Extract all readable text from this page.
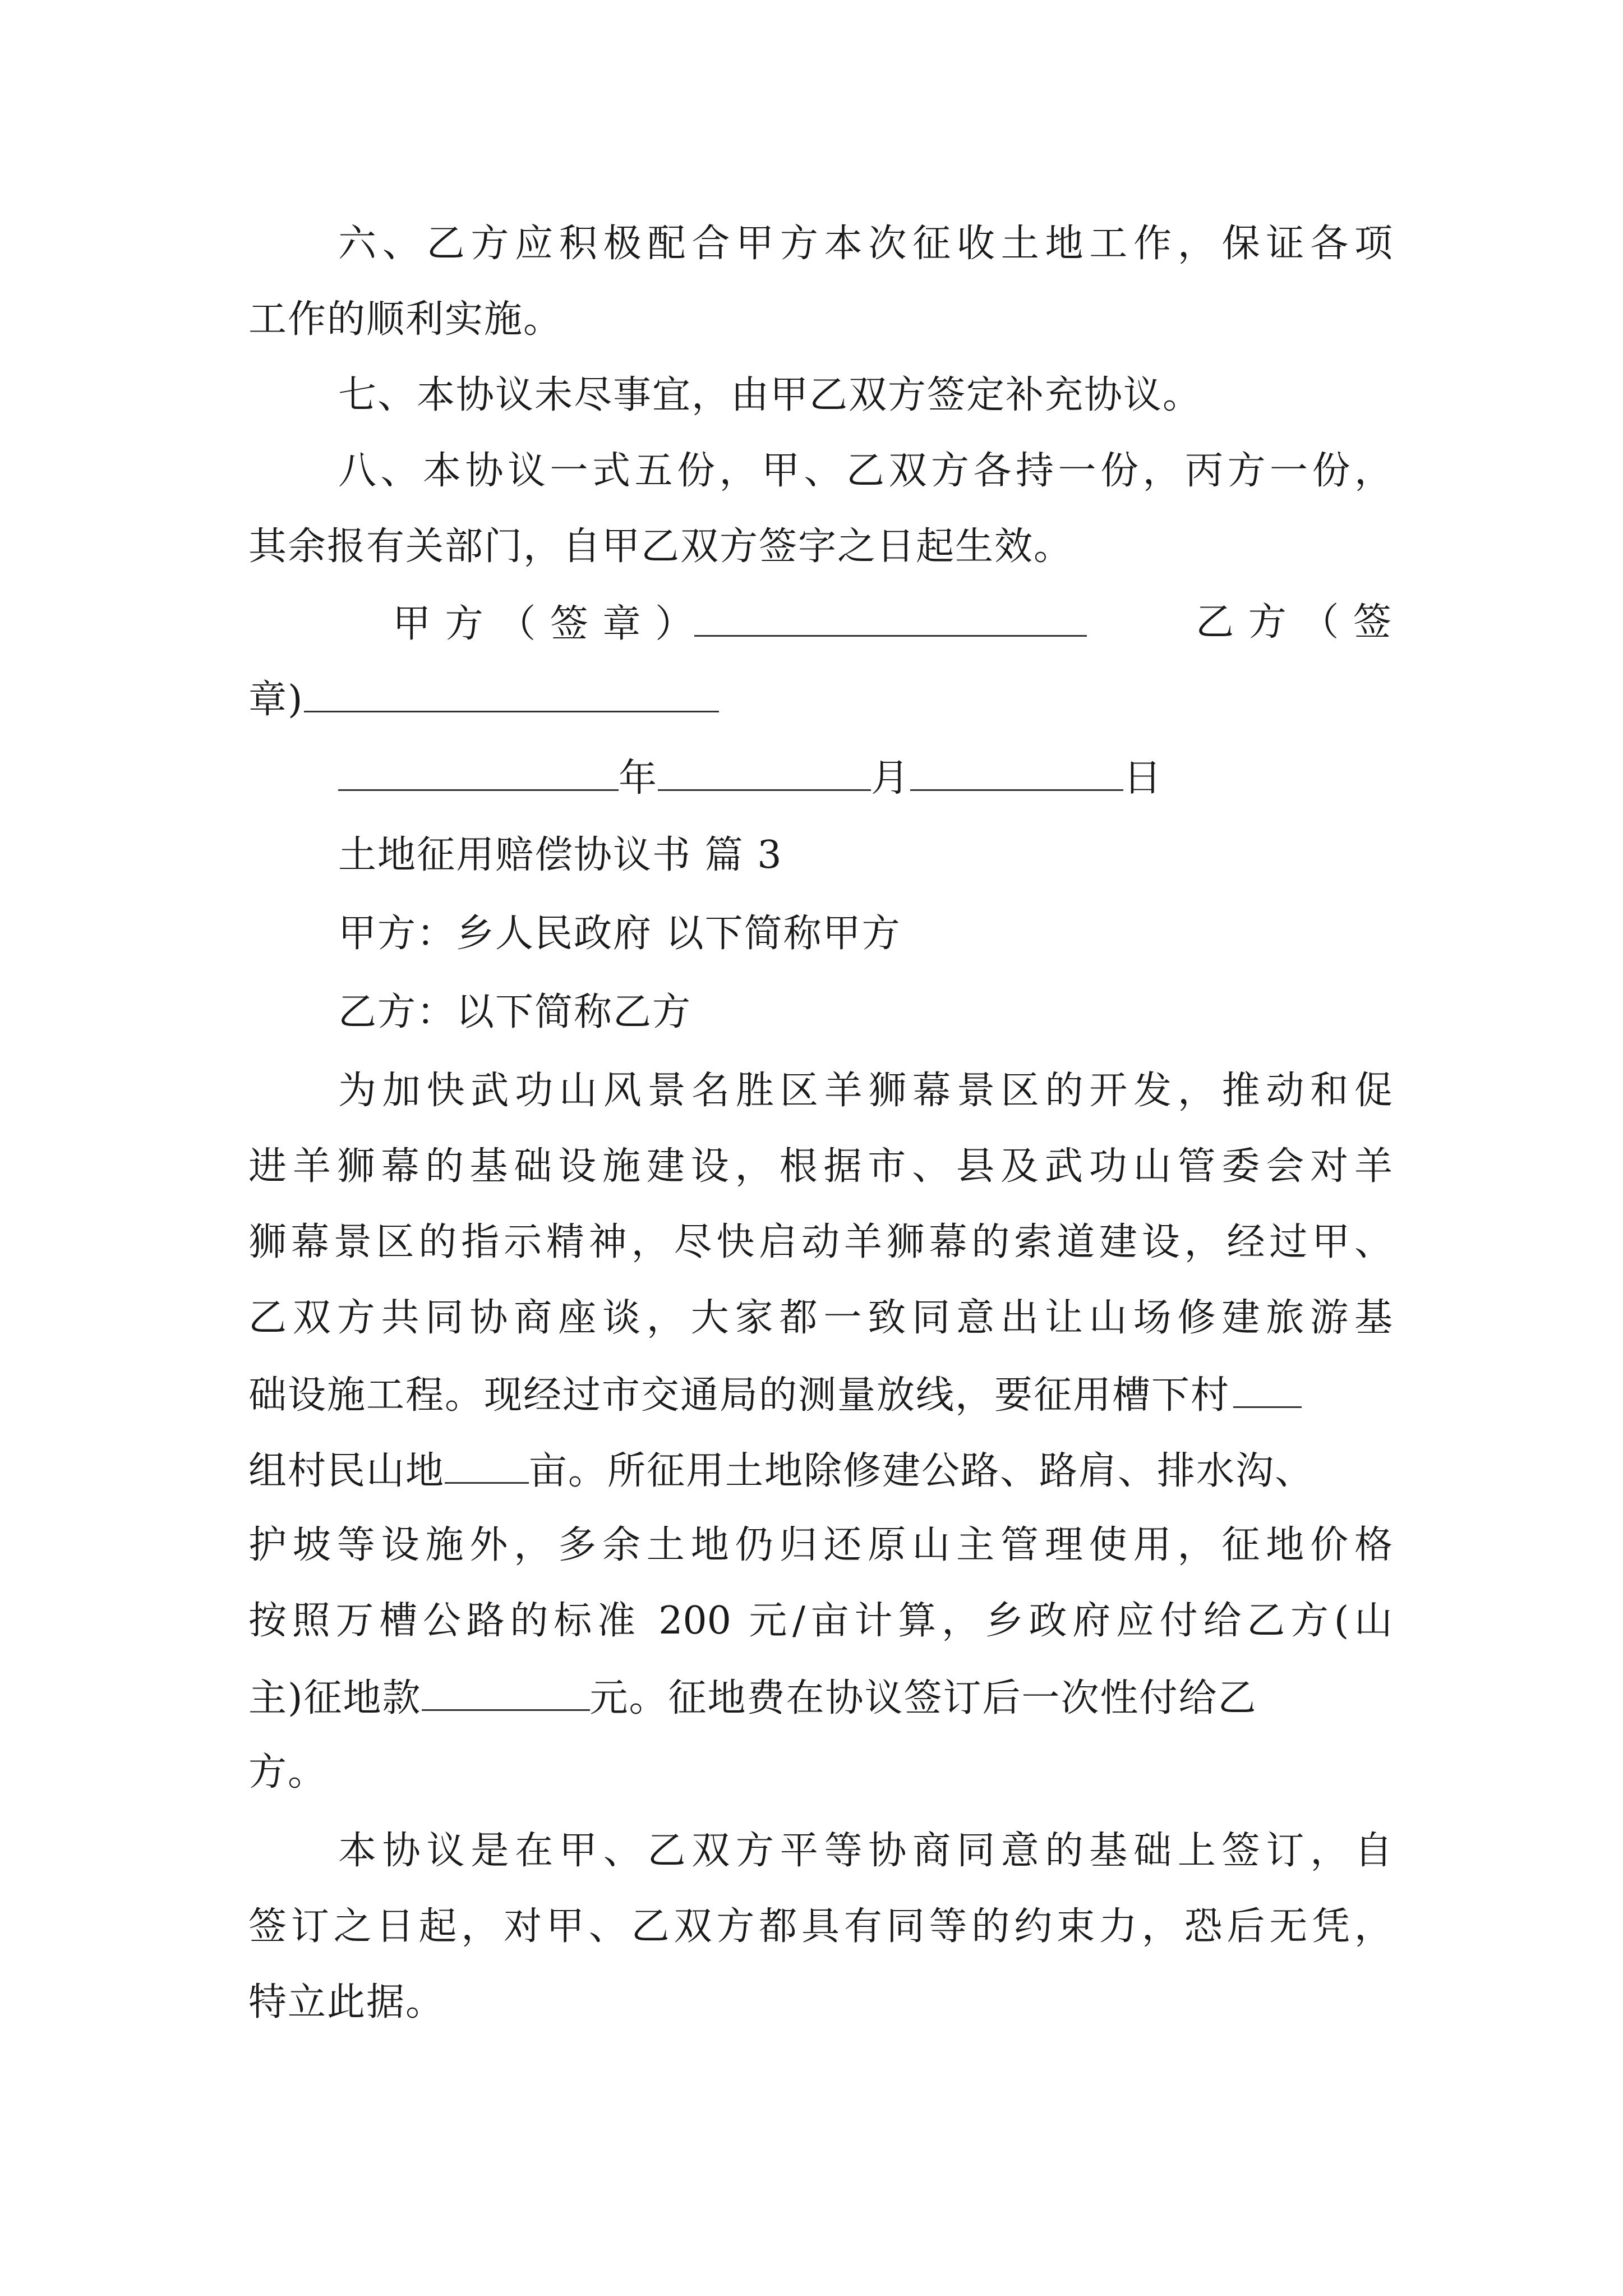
六、乙方应积极配合甲方本次征收土地工作，保证各项
工作的顺利实施。
七、本协议未尽事宜，由甲乙双方签定补充协议。
八、本协议一式五份，甲、乙双方各持一份，丙方一份，
其余报有关部门，自甲乙双方签字之日起生效。
甲 方 （ 签 章 ）	乙 方 （ 签
章)
年	月	日
土地征用赔偿协议书 篇 3
甲方：乡人民政府 以下简称甲方
乙方：以下简称乙方
为加快武功山风景名胜区羊狮幕景区的开发，推动和促
进羊狮幕的基础设施建设，根据市、县及武功山管委会对羊
狮幕景区的指示精神，尽快启动羊狮幕的索道建设，经过甲、
乙双方共同协商座谈，大家都一致同意出让山场修建旅游基
础设施工程。现经过市交通局的测量放线，要征用槽下村
组村民山地 亩。所征用土地除修建公路、路肩、排水沟、
护坡等设施外，多余土地仍归还原山主管理使用，征地价格
按照万槽公路的标准 200 元/亩计算，乡政府应付给乙方(山
主)征地款	元。征地费在协议签订后一次性付给乙
方。
本协议是在甲、乙双方平等协商同意的基础上签订，自
签订之日起，对甲、乙双方都具有同等的约束力，恐后无凭，
特立此据。
